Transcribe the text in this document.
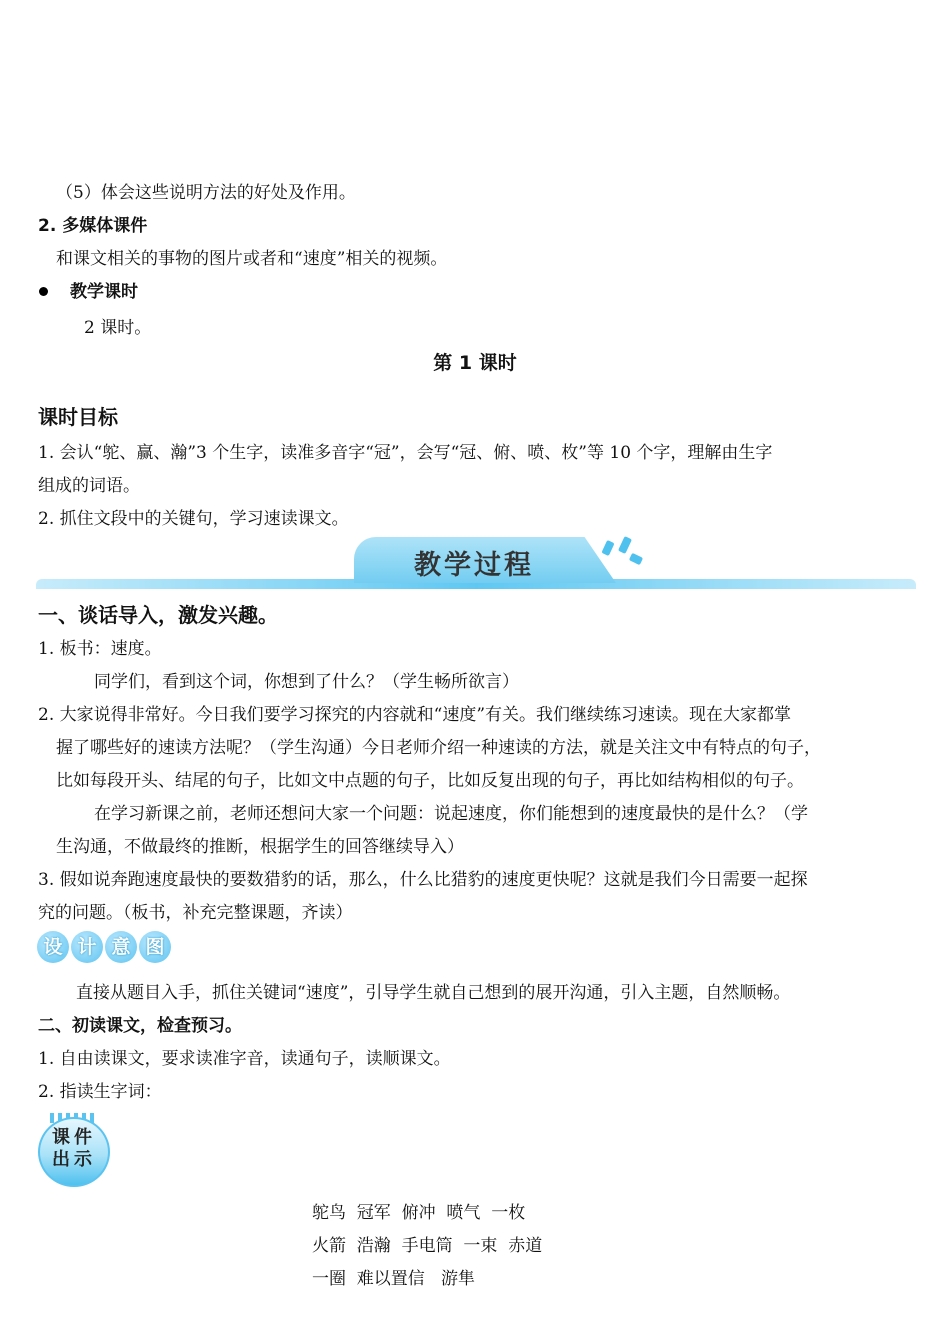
（5）体会这些说明方法的好处及作用。
2. 多媒体课件
和课文相关的事物的图片或者和“速度”相关的视频。
教学课时
2 课时。
第 1 课时
课时目标
1. 会认“鸵、赢、瀚”3 个生字，读准多音字“冠”，会写“冠、俯、喷、枚”等 10 个字，理解由生字
组成的词语。
2. 抓住文段中的关键句，学习速读课文。
教学过程
一、谈话导入，激发兴趣。
1. 板书：速度。
同学们，看到这个词，你想到了什么？（学生畅所欲言）
2. 大家说得非常好。今日我们要学习探究的内容就和“速度”有关。我们继续练习速读。现在大家都掌
握了哪些好的速读方法呢？（学生沟通）今日老师介绍一种速读的方法，就是关注文中有特点的句子，
比如每段开头、结尾的句子，比如文中点题的句子，比如反复出现的句子，再比如结构相似的句子。
在学习新课之前，老师还想问大家一个问题：说起速度，你们能想到的速度最快的是什么？（学
生沟通，不做最终的推断，根据学生的回答继续导入）
3. 假如说奔跑速度最快的要数猎豹的话，那么，什么比猎豹的速度更快呢？这就是我们今日需要一起探
究的问题。（板书，补充完整课题，齐读）
设 计 意 图
直接从题目入手，抓住关键词“速度”，引导学生就自己想到的展开沟通，引入主题，自然顺畅。
二、初读课文，检查预习。
1. 自由读课文，要求读准字音，读通句子，读顺课文。
2. 指读生字词：
课件出示
鸵鸟  冠军  俯冲  喷气  一枚
火箭  浩瀚  手电筒  一束  赤道
一圈  难以置信   游隼
